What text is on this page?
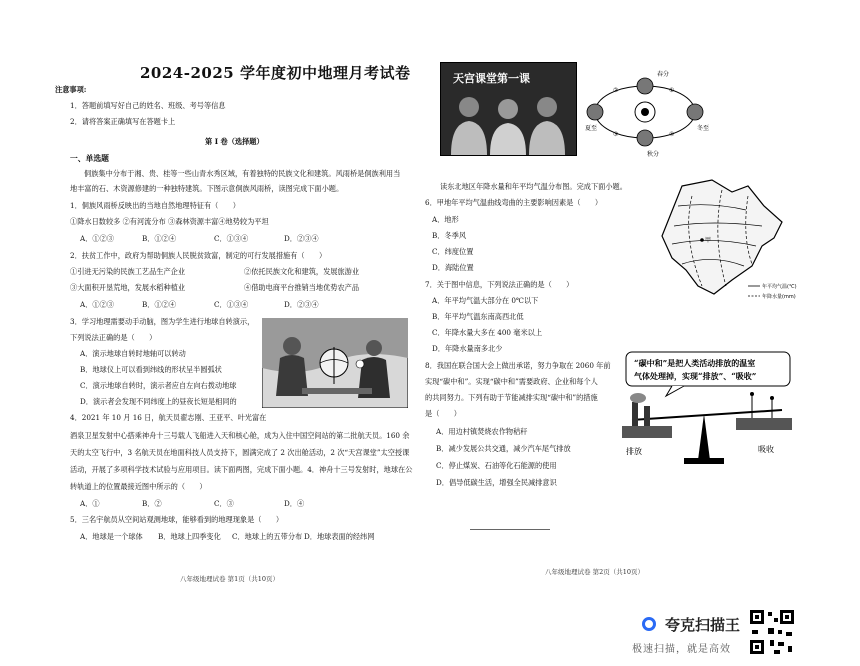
2024-2025 学年度初中地理月考试卷
注意事项:
1．答题前填写好自己的姓名、班级、考号等信息
2．请将答案正确填写在答题卡上
第 I 卷（选择题）
一、单选题
侗族集中分布于湘、贵、桂等一些山青水秀区域，有着独特的民族文化和建筑。风雨桥是侗族利用当
地丰富的石、木资源修建的一种独特建筑。下图示意侗族风雨桥，读图完成下面小题。
1．侗族风雨桥反映出的当地自然地理特征有（　　）
①降水日数较多 ②有河流分布 ③森林资源丰富④地势较为平坦
A．①②③	B．①②④	C．①③④	D．②③④
2．扶贫工作中，政府为帮助侗族人民脱贫致富，制定的可行发展措施有（　　）
①引进无污染的民族工艺品生产企业	②依托民族文化和建筑，发展旅游业
③大面积开垦荒地，发展水稻种植业	④借助电商平台推销当地优势农产品
A．①②③	B．①②④	C．①③④	D．②③④
3．学习地理需要动手动脑，图为学生进行地球自转演示，
下列说法正确的是（　　）
A．演示地球自转时地轴可以转动
B．地球仪上可以看到纬线的形状呈半圆弧状
C．演示地球自转时，演示者应自左向右拨动地球
D．演示者会发现不同纬度上的昼夜长短是相同的
4．2021 年 10 月 16 日，航天员翟志刚、王亚平、叶光富在
酒泉卫星发射中心搭乘神舟十三号载人飞船进入天和核心舱，成为入住中国空间站的第二批航天员。160 余
天的太空飞行中，3 名航天员在地面科技人员支持下，圆满完成了 2 次出舱活动，2 次“天宫课堂”太空授课
活动，开展了多项科学技术试验与应用项目。读下面两图，完成下面小题。4．神舟十三号发射时，地球在公
转轨道上的位置最接近图中所示的（　　）
A．①	B．②	C．③	D．④
5．三名宇航员从空间站观测地球，能够看到的地理现象是（　　）
A．地球是一个球体 B．地球上四季变化 C．地球上的五带分布 D．地球表面的经纬网
八年级地理试卷 第1页（共10页）
天宫课堂第一课	春分
夏至
秋分
冬至
①
②
③	④
读东北地区年降水量和年平均气温分布图。完成下面小题。
6．甲地年平均气温曲线弯曲的主要影响因素是（　　）
A．地形
B．冬季风
C．纬度位置
D．海陆位置
7．关于图中信息，下列说法正确的是（　　）
A．年平均气温大部分在 0℃以下
B．年平均气温东南高西北低
C．年降水量大多在 400 毫米以上
D．年降水量南多北少
甲
年平均气温(℃)
年降水量(mm)
8．我国在联合国大会上做出承诺，努力争取在 2060 年前
实现“碳中和”。实现“碳中和”需要政府、企业和每个人
的共同努力。下列有助于节能减排实现“碳中和”的措施
是（　　）
A．用边村镇焚烧农作物秸秆
B．减少发展公共交通，减少汽车尾气排放
C．停止煤炭、石油等化石能源的使用
D．倡导低碳生活，增强全民减排意识
“碳中和”是把人类活动排放的温室
气体处理掉，实现“排放”、“吸收”
排放	吸收
八年级地理试卷 第2页（共10页）
夸克扫描王
极速扫描，就是高效
